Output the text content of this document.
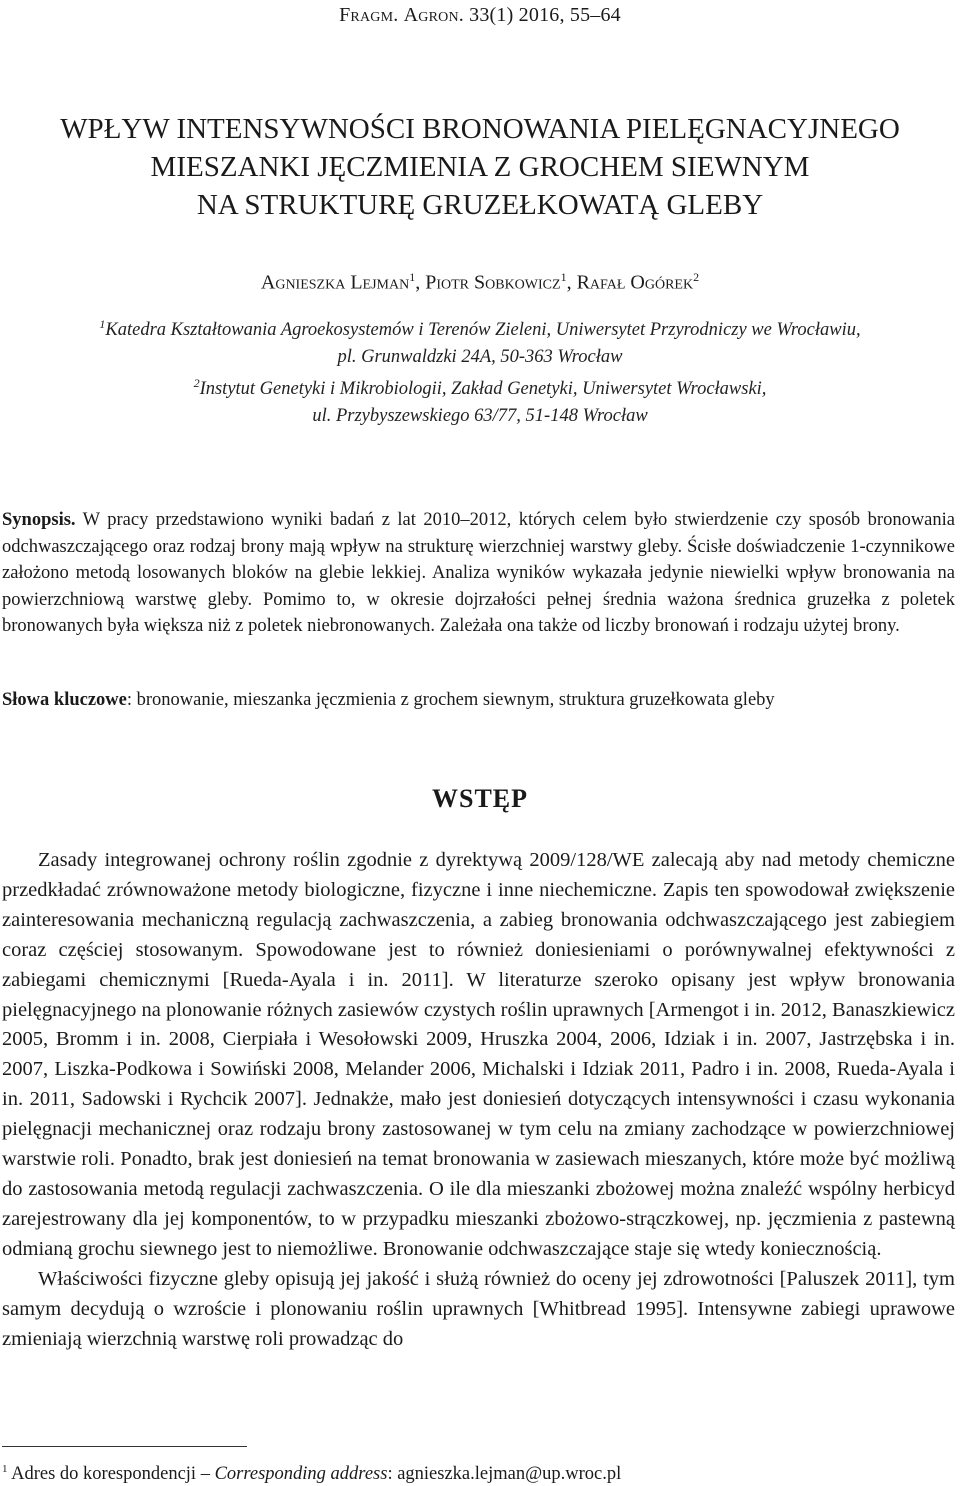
Fragm. Agron. 33(1) 2016, 55–64
WPŁYW INTENSYWNOŚCI BRONOWANIA PIELĘGNACYJNEGO
MIESZANKI JĘCZMIENIA Z GROCHEM SIEWNYM
NA STRUKTURĘ GRUZEŁKOWATĄ GLEBY
Agnieszka Lejman$^1$, Piotr Sobkowicz$^1$, Rafał Ogórek$^2$
$^1$Katedra Kształtowania Agroekosystemów i Terenów Zieleni, Uniwersytet Przyrodniczy we Wrocławiu,
pl. Grunwaldzki 24A, 50-363 Wrocław
$^2$Instytut Genetyki i Mikrobiologii, Zakład Genetyki, Uniwersytet Wrocławski,
ul. Przybyszewskiego 63/77, 51-148 Wrocław

Synopsis. W pracy przedstawiono wyniki badań z lat 2010–2012, których celem było stwierdzenie czy sposób bronowania odchwaszczającego oraz rodzaj brony mają wpływ na strukturę wierzchniej warstwy gleby. Ścisłe doświadczenie 1-czynnikowe założono metodą losowanych bloków na glebie lekkiej. Analiza wyników wykazała jedynie niewielki wpływ bronowania na powierzchniową warstwę gleby. Pomimo to, w okresie dojrzałości pełnej średnia ważona średnica gruzełka z poletek bronowanych była większa niż z poletek niebronowanych. Zależała ona także od liczby bronowań i rodzaju użytej brony.

Słowa kluczowe: bronowanie, mieszanka jęczmienia z grochem siewnym, struktura gruzełkowata gleby

WSTĘP

Zasady integrowanej ochrony roślin zgodnie z dyrektywą 2009/128/WE zalecają aby nad metody chemiczne przedkładać zrównoważone metody biologiczne, fizyczne i inne niechemiczne. Zapis ten spowodował zwiększenie zainteresowania mechaniczną regulacją zachwaszczenia, a zabieg bronowania odchwaszczającego jest zabiegiem coraz częściej stosowanym. Spowodowane jest to również doniesieniami o porównywalnej efektywności z zabiegami chemicznymi [Rueda-Ayala i in. 2011]. W literaturze szeroko opisany jest wpływ bronowania pielęgnacyjnego na plonowanie różnych zasiewów czystych roślin uprawnych [Armengot i in. 2012, Banaszkiewicz 2005, Bromm i in. 2008, Cierpiała i Wesołowski 2009, Hruszka 2004, 2006, Idziak i in. 2007, Jastrzębska i in. 2007, Liszka-Podkowa i Sowiński 2008, Melander 2006, Michalski i Idziak 2011, Padro i in. 2008, Rueda-Ayala i in. 2011, Sadowski i Rychcik 2007]. Jednakże, mało jest doniesień dotyczących intensywności i czasu wykonania pielęgnacji mechanicznej oraz rodzaju brony zastosowanej w tym celu na zmiany zachodzące w powierzchniowej warstwie roli. Ponadto, brak jest doniesień na temat bronowania w zasiewach mieszanych, które może być możliwą do zastosowania metodą regulacji zachwaszczenia. O ile dla mieszanki zbożowej można znaleźć wspólny herbicyd zarejestrowany dla jej komponentów, to w przypadku mieszanki zbożowo-strączkowej, np. jęczmienia z pastewną odmianą grochu siewnego jest to niemożliwe. Bronowanie odchwaszczające staje się wtedy koniecznością.

Właściwości fizyczne gleby opisują jej jakość i służą również do oceny jej zdrowotności [Paluszek 2011], tym samym decydują o wzroście i plonowaniu roślin uprawnych [Whitbread 1995]. Intensywne zabiegi uprawowe zmieniają wierzchnią warstwę roli prowadząc do

$^1$ Adres do korespondencji – Corresponding address: agnieszka.lejman@up.wroc.pl
